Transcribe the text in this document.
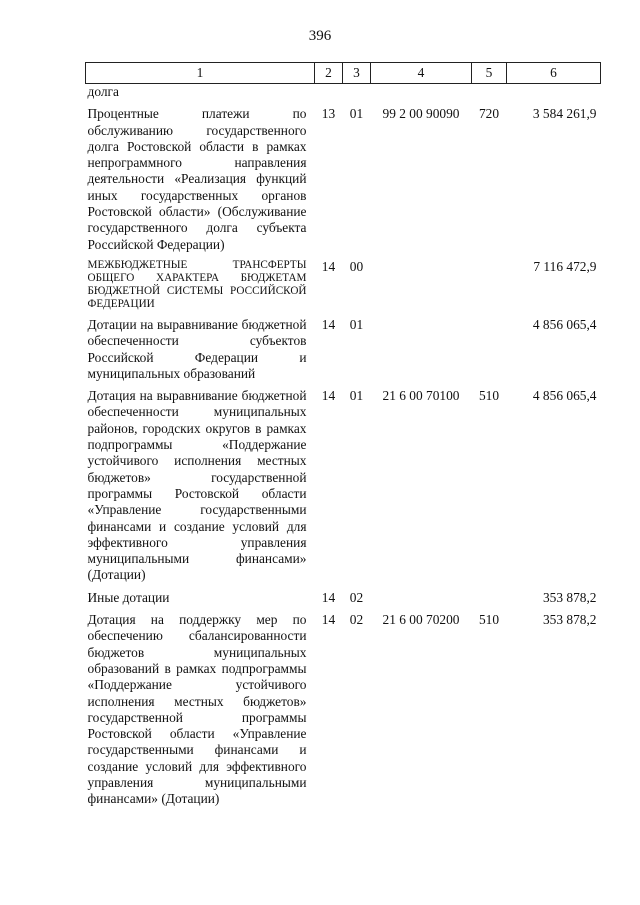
396
1	2	3	4	5	6
долга					
Процентные платежи по обслуживанию государственного долга Ростовской области в рамках непрограммного направления деятельности «Реализация функций иных государственных органов Ростовской области» (Обслуживание государственного долга субъекта Российской Федерации)	13	01	99 2 00 90090	720	3 584 261,9
МЕЖБЮДЖЕТНЫЕ ТРАНСФЕРТЫ ОБЩЕГО ХАРАКТЕРА БЮДЖЕТАМ БЮДЖЕТНОЙ СИСТЕМЫ РОССИЙСКОЙ ФЕДЕРАЦИИ	14	00			7 116 472,9
Дотации на выравнивание бюджетной обеспеченности субъектов Российской Федерации и муниципальных образований	14	01			4 856 065,4
Дотация на выравнивание бюджетной обеспеченности муниципальных районов, городских округов в рамках подпрограммы «Поддержание устойчивого исполнения местных бюджетов» государственной программы Ростовской области «Управление государственными финансами и создание условий для эффективного управления муниципальными финансами» (Дотации)	14	01	21 6 00 70100	510	4 856 065,4
Иные дотации	14	02			353 878,2
Дотация на поддержку мер по обеспечению сбалансированности бюджетов муниципальных образований в рамках подпрограммы «Поддержание устойчивого исполнения местных бюджетов» государственной программы Ростовской области «Управление государственными финансами и создание условий для эффективного управления муниципальными финансами» (Дотации)	14	02	21 6 00 70200	510	353 878,2
